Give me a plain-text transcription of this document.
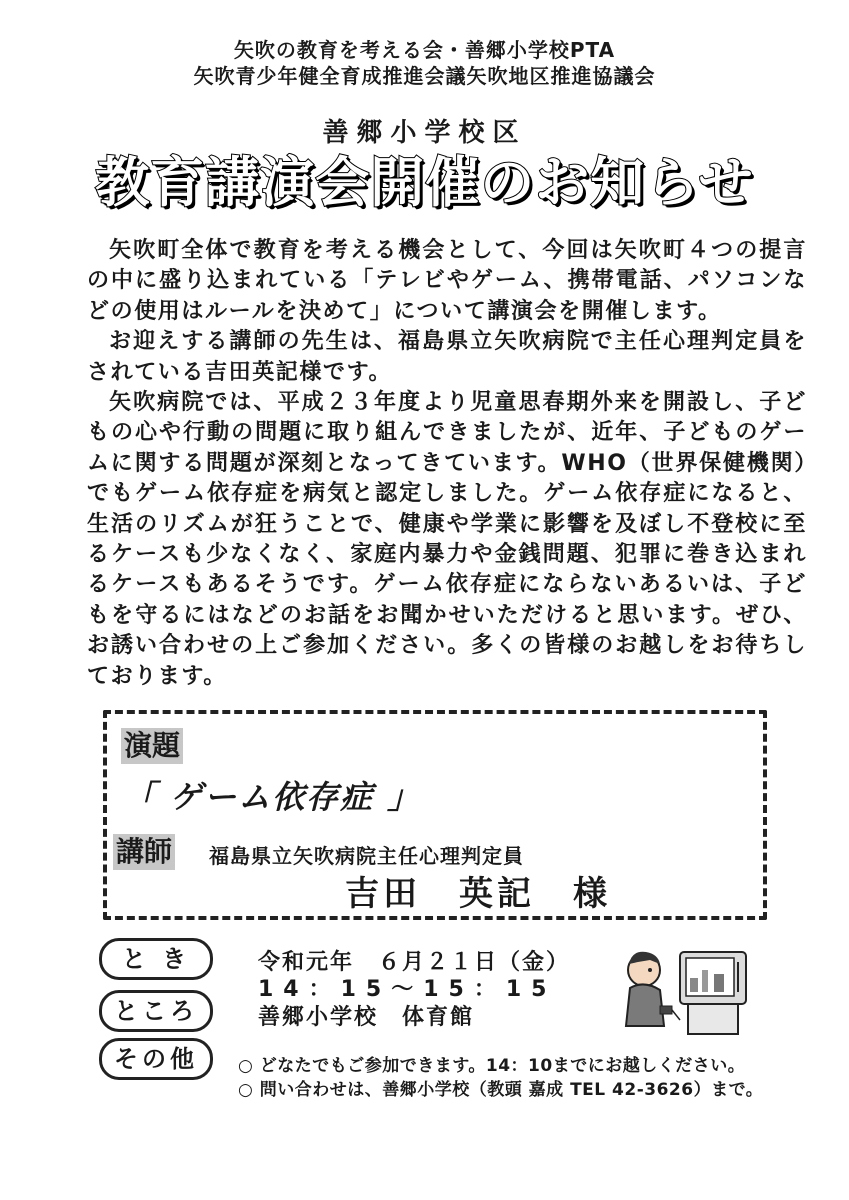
矢吹の教育を考える会・善郷小学校PTA
矢吹青少年健全育成推進会議矢吹地区推進協議会
善郷小学校区
教育講演会開催のお知らせ

矢吹町全体で教育を考える機会として、今回は矢吹町４つの提言の中に盛り込まれている「テレビやゲーム、携帯電話、パソコンなどの使用はルールを決めて」について講演会を開催します。

お迎えする講師の先生は、福島県立矢吹病院で主任心理判定員をされている吉田英記様です。

矢吹病院では、平成２３年度より児童思春期外来を開設し、子どもの心や行動の問題に取り組んできましたが、近年、子どものゲームに関する問題が深刻となってきています。WHO（世界保健機関）でもゲーム依存症を病気と認定しました。ゲーム依存症になると、生活のリズムが狂うことで、健康や学業に影響を及ぼし不登校に至るケースも少なくなく、家庭内暴力や金銭問題、犯罪に巻き込まれるケースもあるそうです。ゲーム依存症にならないあるいは、子どもを守るにはなどのお話をお聞かせいただけると思います。ぜひ、お誘い合わせの上ご参加ください。多くの皆様のお越しをお待ちしております。

演題
「 ゲーム依存症 」
講師 福島県立矢吹病院主任心理判定員
吉田　英記　様
と き	令和元年　６月２１日（金）
14：15～15：15
ところ	善郷小学校　体育館
その他	○ どなたでもご参加できます。14：10までにお越しください。
○ 問い合わせは、善郷小学校（教頭 嘉成 TEL 42-3626）まで。
